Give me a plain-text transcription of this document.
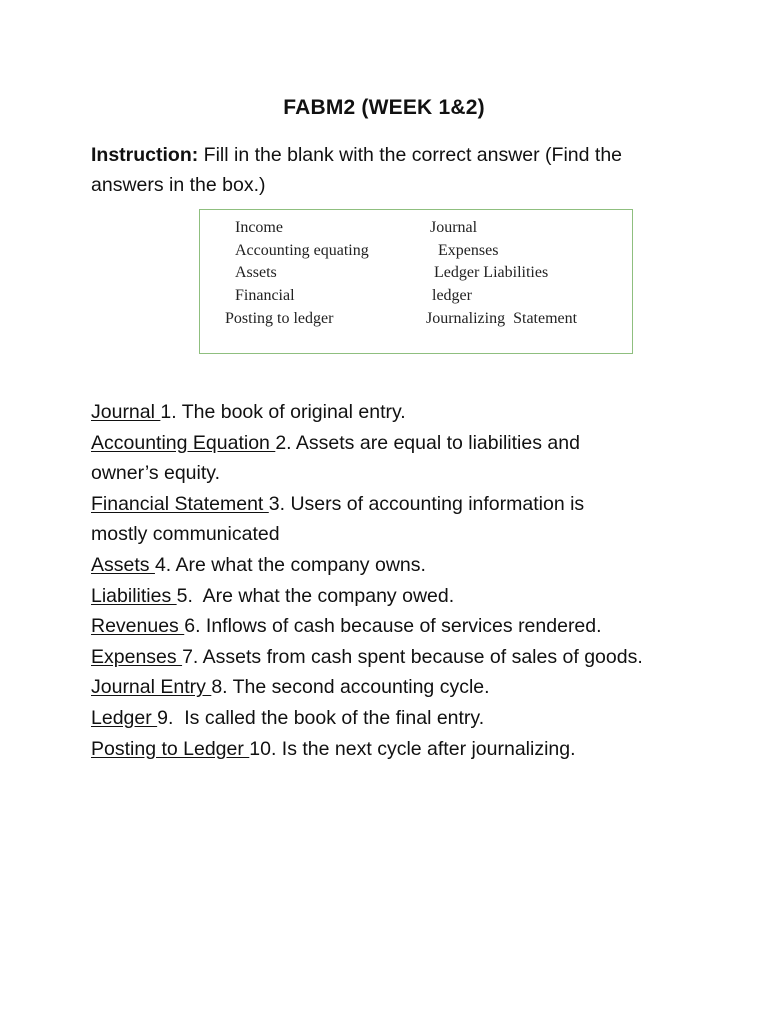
FABM2 (WEEK 1&2)
Instruction: Fill in the blank with the correct answer (Find the
answers in the box.)
Income
Accounting equating
Assets
Financial
Posting to ledger
Journal
Expenses
Ledger Liabilities
ledger
Journalizing  Statement
Journal 1. The book of original entry.
Accounting Equation 2. Assets are equal to liabilities and
owner’s equity.
Financial Statement 3. Users of accounting information is
mostly communicated
Assets 4. Are what the company owns.
Liabilities 5.  Are what the company owed.
Revenues 6. Inflows of cash because of services rendered.
Expenses 7. Assets from cash spent because of sales of goods.
Journal Entry 8. The second accounting cycle.
Ledger 9.  Is called the book of the final entry.
Posting to Ledger 10. Is the next cycle after journalizing.
